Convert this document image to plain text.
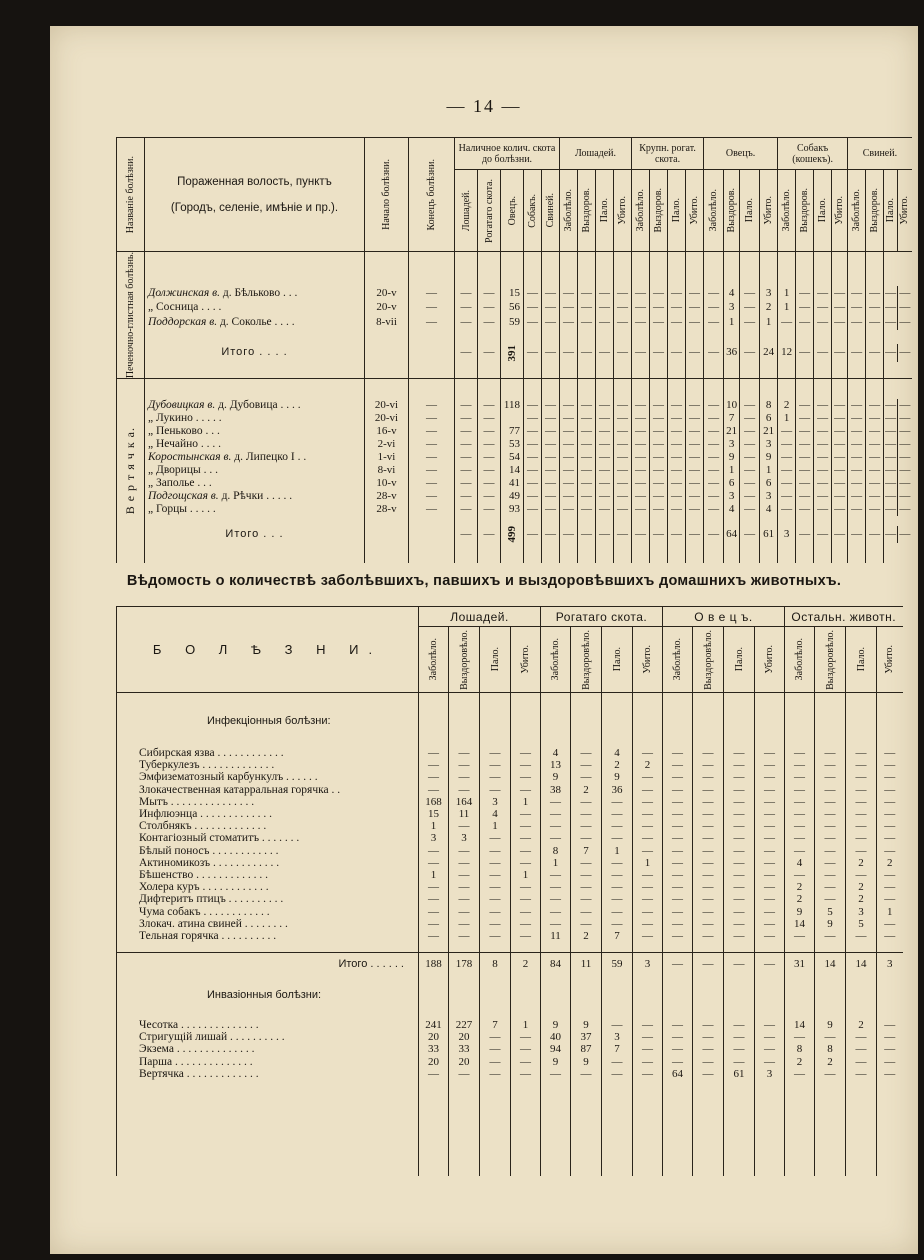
— 14 —
Названіе болѣзни.	Пораженная волость, пунктъ
(Городъ, селеніе, имѣніе и пр.).	Начало болѣзни.	Конецъ болѣзни.	Наличное колич. скота до болѣзни.					Лошадей.				Крупн. рогат. скота.				Овецъ.				Собакъ (кошекъ).				Свиней.			

				Лошадей.	Рогатаго скота.	Овецъ.	Собакъ.	Свиней.	Заболѣло.	Выздоров.	Пало.	Убито.	Заболѣло.	Выздоров.	Пало.	Убито.	Заболѣло.	Выздоров.	Пало.	Убито.	Заболѣло.	Выздоров.	Пало.	Убито.	Заболѣло.	Выздоров.	Пало.	Убито.

Печеночно-глистная болѣзнь.																												

	Должинская в. д. Бѣльково . . .	20-v	—	—	—	15	—	—	—	—	—	—	—	—	—	—	—	4	—	3	1	—	—	—	—	—	—	—
	„ Сосница . . . .	20-v	—	—	—	56	—	—	—	—	—	—	—	—	—	—	—	3	—	2	1	—	—	—	—	—	—	—
	Поддорская в. д. Сокольe . . . .	8-vii	—	—	—	59	—	—	—	—	—	—	—	—	—	—	—	1	—	1	—	—	—	—	—	—	—	—

	Итого . . . .			—	—	391	—	—	—	—	—	—	—	—	—	—	—	36	—	24	12	—	—	—	—	—	—	—

В е р т я ч к а.																												

	Дубовицкая в. д. Дубовица . . . .	20-vi	—	—	—	118	—	—	—	—	—	—	—	—	—	—	—	10	—	8	2	—	—	—	—	—	—	—
	„ Лукино . . . . .	20-vi	—	—	—		—	—	—	—	—	—	—	—	—	—	—	7	—	6	1	—	—	—	—	—	—	—
	„ Пеньково . . .	16-v	—	—	—	77	—	—	—	—	—	—	—	—	—	—	—	21	—	21	—	—	—	—	—	—	—	—
	„ Нечайно . . . .	2-vi	—	—	—	53	—	—	—	—	—	—	—	—	—	—	—	3	—	3	—	—	—	—	—	—	—	—
	Коростынская в. д. Липецко I . .	1-vi	—	—	—	54	—	—	—	—	—	—	—	—	—	—	—	9	—	9	—	—	—	—	—	—	—	—
	„ Дворицы . . .	8-vi	—	—	—	14	—	—	—	—	—	—	—	—	—	—	—	1	—	1	—	—	—	—	—	—	—	—
	„ Заполье . . .	10-v	—	—	—	41	—	—	—	—	—	—	—	—	—	—	—	6	—	6	—	—	—	—	—	—	—	—
	Подгощская в. д. Рѣчки . . . . .	28-v	—	—	—	49	—	—	—	—	—	—	—	—	—	—	—	3	—	3	—	—	—	—	—	—	—	—
	„ Горцы . . . . .	28-v	—	—	—	93	—	—	—	—	—	—	—	—	—	—	—	4	—	4	—	—	—	—	—	—	—	—

	Итого . . .			—	—	499	—	—	—	—	—	—	—	—	—	—	—	64	—	61	3	—	—	—	—	—	—	—

Вѣдомость о количествѣ заболѣвшихъ, павшихъ и выздоровѣвшихъ домашнихъ животныхъ.
Б О Л Ѣ З Н И.	Лошадей.				Рогатаго скота.				О в е ц ъ.				Остальн. животн.			

	Заболѣло.	Выздоровѣло.	Пало.	Убито.	Заболѣло.	Выздоровѣло.	Пало.	Убито.	Заболѣло.	Выздоровѣло.	Пало.	Убито.	Заболѣло.	Выздоровѣло.	Пало.	Убито.

Инфекціонныя болѣзни:																

Сибирская язва . . . . . . . . . . . .	—	—	—	—	4	—	4	—	—	—	—	—	—	—	—	—
Туберкулезъ . . . . . . . . . . . . .	—	—	—	—	13	—	2	2	—	—	—	—	—	—	—	—
Эмфизематозный карбункулъ . . . . . .	—	—	—	—	9	—	9	—	—	—	—	—	—	—	—	—
Злокачественная катарральная горячка . .	—	—	—	—	38	2	36	—	—	—	—	—	—	—	—	—
Мытъ . . . . . . . . . . . . . . .	168	164	3	1	—	—	—	—	—	—	—	—	—	—	—	—
Инфлюэнца . . . . . . . . . . . . .	15	11	4	—	—	—	—	—	—	—	—	—	—	—	—	—
Столбнякъ . . . . . . . . . . . . .	1	—	1	—	—	—	—	—	—	—	—	—	—	—	—	—
Контагіозный стоматитъ . . . . . . .	3	3	—	—	—	—	—	—	—	—	—	—	—	—	—	—
Бѣлый поносъ . . . . . . . . . . . .	—	—	—	—	8	7	1	—	—	—	—	—	—	—	—	—
Актиномикозъ . . . . . . . . . . . .	—	—	—	—	1	—	—	1	—	—	—	—	4	—	2	2
Бѣшенство . . . . . . . . . . . . .	1	—	—	1	—	—	—	—	—	—	—	—	—	—	—	—
Холера куръ . . . . . . . . . . . .	—	—	—	—	—	—	—	—	—	—	—	—	2	—	2	—
Дифтеритъ птицъ . . . . . . . . . .	—	—	—	—	—	—	—	—	—	—	—	—	2	—	2	—
Чума собакъ . . . . . . . . . . . .	—	—	—	—	—	—	—	—	—	—	—	—	9	5	3	1
Злокач. атина свиней . . . . . . . .	—	—	—	—	—	—	—	—	—	—	—	—	14	9	5	—
Тельная горячка . . . . . . . . . .	—	—	—	—	11	2	7	—	—	—	—	—	—	—	—	—

Итого . . . . . .	188	178	8	2	84	11	59	3	—	—	—	—	31	14	14	3

Инвазіонныя болѣзни:																

Чесотка . . . . . . . . . . . . . .	241	227	7	1	9	9	—	—	—	—	—	—	14	9	2	—
Стригущій лишай . . . . . . . . . .	20	20	—	—	40	37	3	—	—	—	—	—	—	—	—	—
Экзема . . . . . . . . . . . . . .	33	33	—	—	94	87	7	—	—	—	—	—	8	8	—	—
Парша . . . . . . . . . . . . . .	20	20	—	—	9	9	—	—	—	—	—	—	2	2	—	—
Вертячка . . . . . . . . . . . . .	—	—	—	—	—	—	—	—	64	—	61	3	—	—	—	—
